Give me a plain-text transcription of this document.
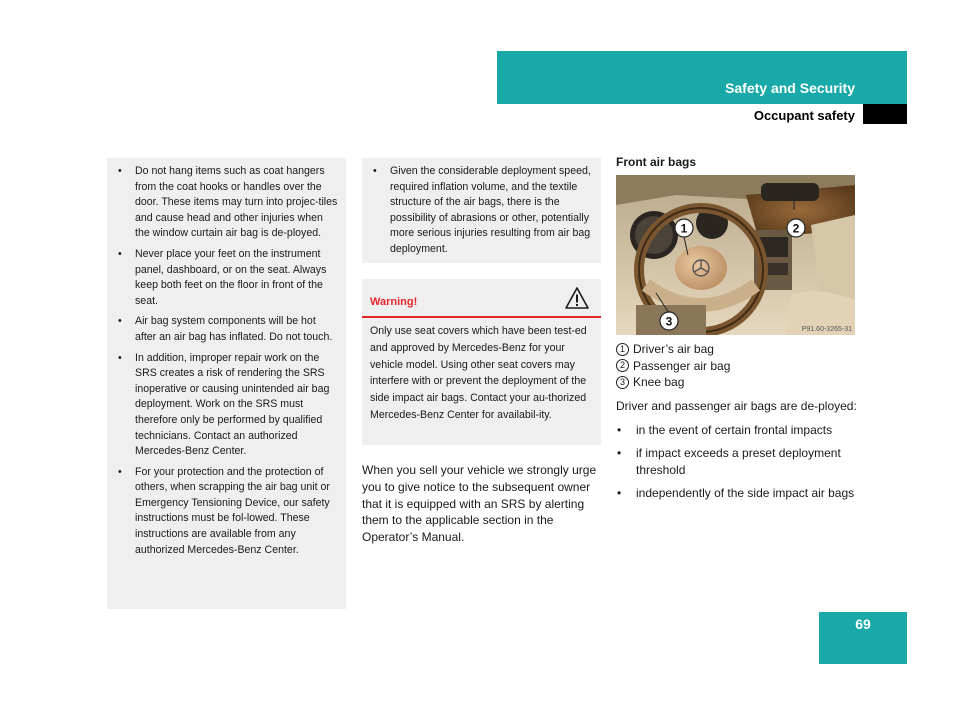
Safety and Security
Occupant safety
• Do not hang items such as coat hangers from the coat hooks or handles over the door. These items may turn into projec-tiles and cause head and other injuries when the window curtain air bag is de-ployed.
• Never place your feet on the instrument panel, dashboard, or on the seat. Always keep both feet on the floor in front of the seat.
• Air bag system components will be hot after an air bag has inflated. Do not touch.
• In addition, improper repair work on the SRS creates a risk of rendering the SRS inoperative or causing unintended air bag deployment. Work on the SRS must therefore only be performed by qualified technicians. Contact an authorized Mercedes-Benz Center.
• For your protection and the protection of others, when scrapping the air bag unit or Emergency Tensioning Device, our safety instructions must be fol-lowed. These instructions are available from any authorized Mercedes-Benz Center.
• Given the considerable deployment speed, required inflation volume, and the textile structure of the air bags, there is the possibility of abrasions or other, potentially more serious injuries resulting from air bag deployment.
Warning!
Only use seat covers which have been test-ed and approved by Mercedes-Benz for your vehicle model. Using other seat covers may interfere with or prevent the deployment of the side impact air bags. Contact your au-thorized Mercedes-Benz Center for availabil-ity.
When you sell your vehicle we strongly urge you to give notice to the subsequent owner that it is equipped with an SRS by alerting them to the applicable section in the Operator’s Manual.
Front air bags
1	2
3
P91.60-3265-31
1 Driver’s air bag
2 Passenger air bag
3 Knee bag
Driver and passenger air bags are de-ployed:
• in the event of certain frontal impacts
• if impact exceeds a preset deployment threshold
• independently of the side impact air bags
69
